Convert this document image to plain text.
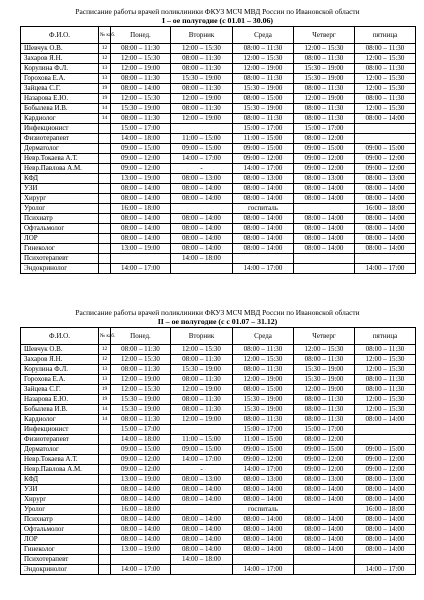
Расписание работы врачей поликлиники ФКУЗ МСЧ МВД России по Ивановской области
I – ое полугодие (с 01.01 – 30.06)
Ф.И.О.	№ каб.	Понед.	Вторник	Среда	Четверг	пятница
Шевчук О.В.	12	08:00 – 11:30	12:00 – 15:30	08:00 – 11:30	12:00 – 15:30	08:00 – 11:30
Захаров Я.Н.	12	12:00 – 15:30	08:00 – 11:30	12:00 – 15:30	08:00 – 11:30	12:00 – 15:30
Корулина Ф.Л.	13	12:00 – 19:00	08:00 – 11:30	12:00 – 19:00	15:30 – 19:00	08:00 – 11:30
Горохова Е.А.	13	08:00 – 11:30	15:30 – 19:00	08:00 – 11:30	15:30 – 19:00	12:00 – 15:30
Зайцева С.Г.	19	08:00 – 14:00	08:00 – 11:30	15:30 – 19:00	08:00 – 11:30	12:00 – 15:30
Назарова Е.Ю.	19	12:00 – 15:30	12:00 – 19:00	08:00 – 15:00	12:00 – 19:00	08:00 – 11:30
Бобылева И.В.	14	15:30 – 19:00	08:00 – 11:30	15:30 – 19:00	08:00 – 11:30	12:00 – 15:30
Кардиолог	14	08:00 – 11:30	12:00 – 19:00	08:00 – 11:30	08:00 – 11:30	08:00 – 14:00
Инфекционист		15:00 – 17:00		15:00 – 17:00	15:00 – 17:00	
Физиотерапевт		14:00 – 18:00	11:00 – 15:00	11:00 – 15:00	08:00 – 12:00	
Дерматолог		09:00 – 15:00	09:00 – 15:00	09:00 – 15:00	09:00 – 15:00	09:00 – 15:00
Невр.Токаева А.Т.		09:00 – 12:00	14:00 – 17:00	09:00 – 12:00	09:00 – 12:00	09:00 – 12:00
Невр.Павлова А.М.		09:00 – 12:00	-	14:00 – 17:00	09:00 – 12:00	09:00 – 12:00
КФД		13:00 – 19:00	08:00 – 13:00	08:00 – 13:00	08:00 – 13:00	08:00 – 13:00
УЗИ		08:00 – 14:00	08:00 – 14:00	08:00 – 14:00	08:00 – 14:00	08:00 – 14:00
Хирург		08:00 – 14:00	08:00 – 14:00	08:00 – 14:00	08:00 – 14:00	08:00 – 14:00
Уролог		16:00 – 18:00		госпиталь		16:00 – 18:00
Психиатр		08:00 – 14:00	08:00 – 14:00	08:00 – 14:00	08:00 – 14:00	08:00 – 14:00
Офтальмолог		08:00 – 14:00	08:00 – 14:00	08:00 – 14:00	08:00 – 14:00	08:00 – 14:00
ЛОР		08:00 – 14:00	08:00 – 14:00	08:00 – 14:00	08:00 – 14:00	08:00 – 14:00
Гинеколог		13:00 – 19:00	08:00 – 14:00	08:00 – 14:00	08:00 – 14:00	08:00 – 14:00
Психотерапевт			14:00 – 18:00			
Эндокринолог		14:00 – 17:00		14:00 – 17:00		14:00 – 17:00
Расписание работы врачей поликлиники ФКУЗ МСЧ МВД России по Ивановской области
II – ое полугодие (с с 01.07 – 31.12)
Ф.И.О.	№ каб.	Понед.	Вторник	Среда	Четверг	пятница
Шевчук О.В.	12	08:00 – 11:30	12:00 – 15:30	08:00 – 11:30	12:00 – 15:30	08:00 – 11:30
Захаров Я.Н.	12	12:00 – 15:30	08:00 – 11:30	12:00 – 15:30	08:00 – 11:30	12:00 – 15:30
Корулина Ф.Л.	13	08:00 – 11:30	15:30 – 19:00	08:00 – 11:30	15:30 – 19:00	12:00 – 15:30
Горохова Е.А.	13	12:00 – 19:00	08:00 – 11:30	12:00 – 19:00	15:30 – 19:00	08:00 – 11:30
Зайцева С.Г.	19	12:00 – 15:30	12:00 – 19:00	08:00 – 15:00	12:00 – 19:00	08:00 – 11:30
Назарова Е.Ю.	19	15:30 – 19:00	08:00 – 11:30	15:30 – 19:00	08:00 – 11:30	12:00 – 15:30
Бобылева И.В.	14	15:30 – 19:00	08:00 – 11:30	15:30 – 19:00	08:00 – 11:30	12:00 – 15:30
Кардиолог	14	08:00 – 11:30	12:00 – 19:00	08:00 – 11:30	08:00 – 11:30	08:00 – 14:00
Инфекционист		15:00 – 17:00		15:00 – 17:00	15:00 – 17:00	
Физиотерапевт		14:00 – 18:00	11:00 – 15:00	11:00 – 15:00	08:00 – 12:00	
Дерматолог		09:00 – 15:00	09:00 – 15:00	09:00 – 15:00	09:00 – 15:00	09:00 – 15:00
Невр.Токаева А.Т.		09:00 – 12:00	14:00 – 17:00	09:00 – 12:00	09:00 – 12:00	09:00 – 12:00
Невр.Павлова А.М.		09:00 – 12:00	-	14:00 – 17:00	09:00 – 12:00	09:00 – 12:00
КФД		13:00 – 19:00	08:00 – 13:00	08:00 – 13:00	08:00 – 13:00	08:00 – 13:00
УЗИ		08:00 – 14:00	08:00 – 14:00	08:00 – 14:00	08:00 – 14:00	08:00 – 14:00
Хирург		08:00 – 14:00	08:00 – 14:00	08:00 – 14:00	08:00 – 14:00	08:00 – 14:00
Уролог		16:00 – 18:00		госпиталь		16:00 – 18:00
Психиатр		08:00 – 14:00	08:00 – 14:00	08:00 – 14:00	08:00 – 14:00	08:00 – 14:00
Офтальмолог		08:00 – 14:00	08:00 – 14:00	08:00 – 14:00	08:00 – 14:00	08:00 – 14:00
ЛОР		08:00 – 14:00	08:00 – 14:00	08:00 – 14:00	08:00 – 14:00	08:00 – 14:00
Гинеколог		13:00 – 19:00	08:00 – 14:00	08:00 – 14:00	08:00 – 14:00	08:00 – 14:00
Психотерапевт			14:00 – 18:00			
Эндокринолог		14:00 – 17:00		14:00 – 17:00		14:00 – 17:00
